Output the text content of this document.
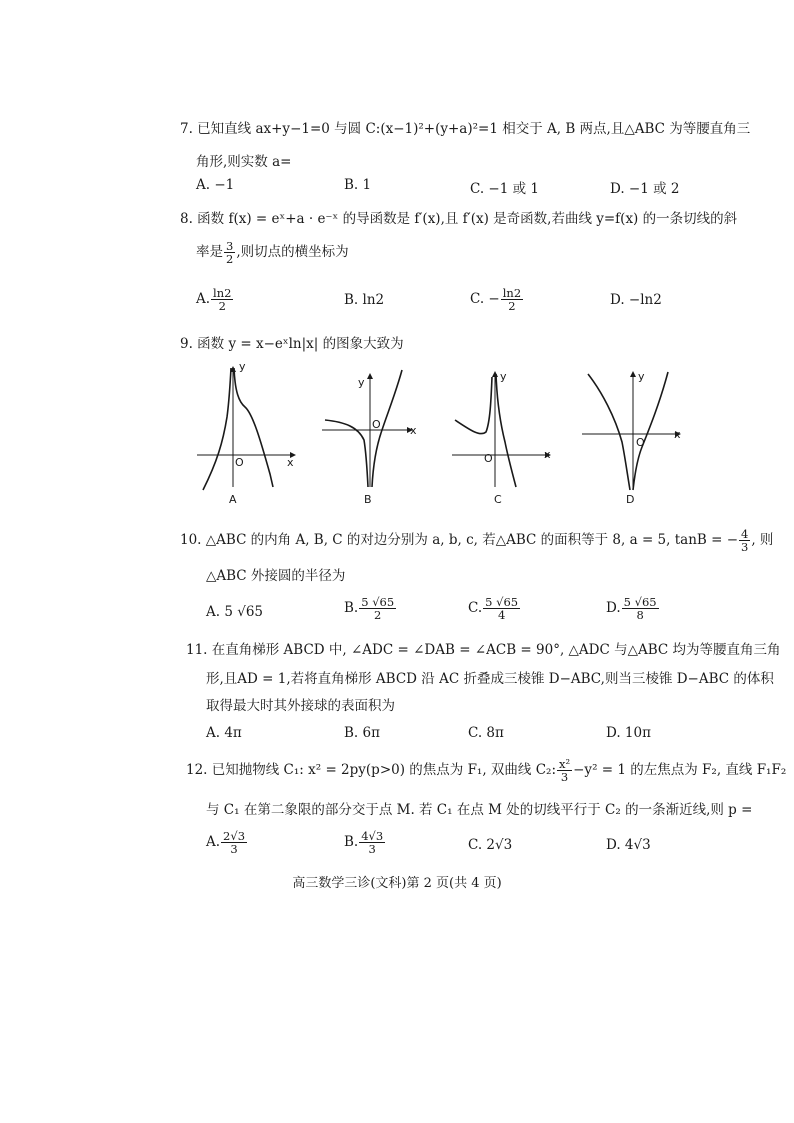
7. 已知直线 ax+y−1=0 与圆 C:(x−1)²+(y+a)²=1 相交于 A, B 两点,且△ABC 为等腰直角三
角形,则实数 a=
A. −1	B. 1	C. −1 或 1	D. −1 或 2
8. 函数 f(x) = eˣ+a · e⁻ˣ 的导函数是 f′(x),且 f′(x) 是奇函数,若曲线 y=f(x) 的一条切线的斜
率是 $\frac{3}{2}$ ,则切点的横坐标为
A. $\frac{\ln 2}{2}$	B. ln2	C. − $\frac{\ln 2}{2}$	D. −ln2
9. 函数 y = x−eˣln|x| 的图象大致为
y
x
O
A
y
x
O
B
y
x
O
C
y
x
O
D
10. △ABC 的内角 A, B, C 的对边分别为 a, b, c, 若△ABC 的面积等于 8, a = 5, tanB = − $\frac{4}{3}$ , 则
△ABC 外接圆的半径为
A. 5 √65	B. $\frac{5 √65}{2}$	C. $\frac{5 √65}{4}$	D. $\frac{5 √65}{8}$
11. 在直角梯形 ABCD 中, ∠ADC = ∠DAB = ∠ACB = 90°, △ADC 与△ABC 均为等腰直角三角
形,且AD = 1,若将直角梯形 ABCD 沿 AC 折叠成三棱锥 D−ABC,则当三棱锥 D−ABC 的体积
取得最大时其外接球的表面积为
A. 4π	B. 6π	C. 8π	D. 10π
12. 已知抛物线 C₁: x² = 2py(p>0) 的焦点为 F₁, 双曲线 C₂: $\frac{\text{x²}}{3} -y^2 = 1$ 的左焦点为 F₂, 直线 F₁F₂
与 C₁ 在第二象限的部分交于点 M. 若 C₁ 在点 M 处的切线平行于 C₂ 的一条渐近线,则 p =
A. $\frac{2√3}{3}$	B. $\frac{4√3}{3}$	C. 2√3	D. 4√3
高三数学三诊(文科)第 2 页(共 4 页)
